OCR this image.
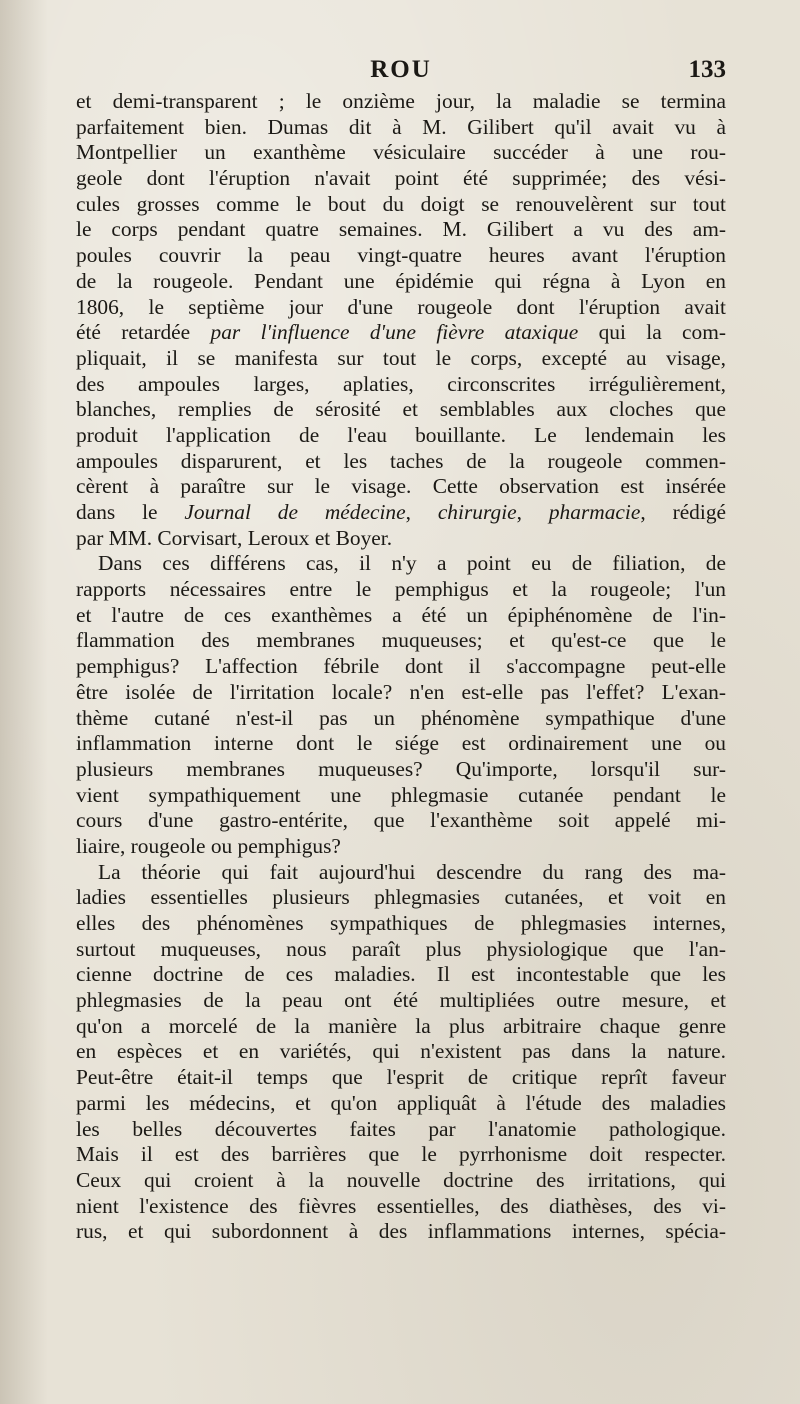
ROU	133
et demi-transparent ; le onzième jour, la maladie se termina
parfaitement bien. Dumas dit à M. Gilibert qu'il avait vu à
Montpellier un exanthème vésiculaire succéder à une rou-
geole dont l'éruption n'avait point été supprimée; des vési-
cules grosses comme le bout du doigt se renouvelèrent sur tout
le corps pendant quatre semaines. M. Gilibert a vu des am-
poules couvrir la peau vingt-quatre heures avant l'éruption
de la rougeole. Pendant une épidémie qui régna à Lyon en
1806, le septième jour d'une rougeole dont l'éruption avait
été retardée par l'influence d'une fièvre ataxique qui la com-
pliquait, il se manifesta sur tout le corps, excepté au visage,
des ampoules larges, aplaties, circonscrites irrégulièrement,
blanches, remplies de sérosité et semblables aux cloches que
produit l'application de l'eau bouillante. Le lendemain les
ampoules disparurent, et les taches de la rougeole commen-
cèrent à paraître sur le visage. Cette observation est insérée
dans le Journal de médecine, chirurgie, pharmacie, rédigé
par MM. Corvisart, Leroux et Boyer.
Dans ces différens cas, il n'y a point eu de filiation, de
rapports nécessaires entre le pemphigus et la rougeole; l'un
et l'autre de ces exanthèmes a été un épiphénomène de l'in-
flammation des membranes muqueuses; et qu'est-ce que le
pemphigus? L'affection fébrile dont il s'accompagne peut-elle
être isolée de l'irritation locale? n'en est-elle pas l'effet? L'exan-
thème cutané n'est-il pas un phénomène sympathique d'une
inflammation interne dont le siége est ordinairement une ou
plusieurs membranes muqueuses? Qu'importe, lorsqu'il sur-
vient sympathiquement une phlegmasie cutanée pendant le
cours d'une gastro-entérite, que l'exanthème soit appelé mi-
liaire, rougeole ou pemphigus?
La théorie qui fait aujourd'hui descendre du rang des ma-
ladies essentielles plusieurs phlegmasies cutanées, et voit en
elles des phénomènes sympathiques de phlegmasies internes,
surtout muqueuses, nous paraît plus physiologique que l'an-
cienne doctrine de ces maladies. Il est incontestable que les
phlegmasies de la peau ont été multipliées outre mesure, et
qu'on a morcelé de la manière la plus arbitraire chaque genre
en espèces et en variétés, qui n'existent pas dans la nature.
Peut-être était-il temps que l'esprit de critique reprît faveur
parmi les médecins, et qu'on appliquât à l'étude des maladies
les belles découvertes faites par l'anatomie pathologique.
Mais il est des barrières que le pyrrhonisme doit respecter.
Ceux qui croient à la nouvelle doctrine des irritations, qui
nient l'existence des fièvres essentielles, des diathèses, des vi-
rus, et qui subordonnent à des inflammations internes, spécia-
